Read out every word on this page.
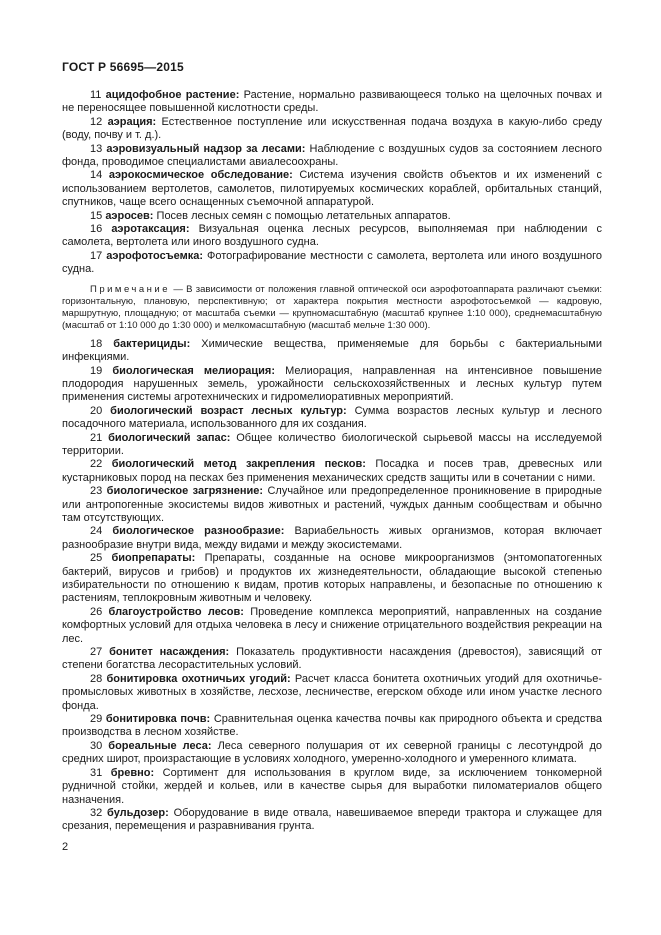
ГОСТ Р 56695—2015

11 ацидофобное растение: Растение, нормально развивающееся только на щелочных почвах и не переносящее повышенной кислотности среды.

12 аэрация: Естественное поступление или искусственная подача воздуха в какую-либо среду (воду, почву и т. д.).

13 аэровизуальный надзор за лесами: Наблюдение с воздушных судов за состоянием лесного фонда, проводимое специалистами авиалесоохраны.

14 аэрокосмическое обследование: Система изучения свойств объектов и их изменений с использованием вертолетов, самолетов, пилотируемых космических кораблей, орбитальных станций, спутников, чаще всего оснащенных съемочной аппаратурой.

15 аэросев: Посев лесных семян с помощью летательных аппаратов.

16 аэротаксация: Визуальная оценка лесных ресурсов, выполняемая при наблюдении с самолета, вертолета или иного воздушного судна.

17 аэрофотосъемка: Фотографирование местности с самолета, вертолета или иного воздушного судна.

Примечание — В зависимости от положения главной оптической оси аэрофотоаппарата различают съемки: горизонтальную, плановую, перспективную; от характера покрытия местности аэрофотосъемкой — кадровую, маршрутную, площадную; от масштаба съемки — крупномасштабную (масштаб крупнее 1:10 000), среднемасштабную (масштаб от 1:10 000 до 1:30 000) и мелкомасштабную (масштаб мельче 1:30 000).

18 бактерициды: Химические вещества, применяемые для борьбы с бактериальными инфекциями.

19 биологическая мелиорация: Мелиорация, направленная на интенсивное повышение плодородия нарушенных земель, урожайности сельскохозяйственных и лесных культур путем применения системы агротехнических и гидромелиоративных мероприятий.

20 биологический возраст лесных культур: Сумма возрастов лесных культур и лесного посадочного материала, использованного для их создания.

21 биологический запас: Общее количество биологической сырьевой массы на исследуемой территории.

22 биологический метод закрепления песков: Посадка и посев трав, древесных или кустарниковых пород на песках без применения механических средств защиты или в сочетании с ними.

23 биологическое загрязнение: Случайное или предопределенное проникновение в природные или антропогенные экосистемы видов животных и растений, чуждых данным сообществам и обычно там отсутствующих.

24 биологическое разнообразие: Вариабельность живых организмов, которая включает разнообразие внутри вида, между видами и между экосистемами.

25 биопрепараты: Препараты, созданные на основе микроорганизмов (энтомопатогенных бактерий, вирусов и грибов) и продуктов их жизнедеятельности, обладающие высокой степенью избирательности по отношению к видам, против которых направлены, и безопасные по отношению к растениям, теплокровным животным и человеку.

26 благоустройство лесов: Проведение комплекса мероприятий, направленных на создание комфортных условий для отдыха человека в лесу и снижение отрицательного воздействия рекреации на лес.

27 бонитет насаждения: Показатель продуктивности насаждения (древостоя), зависящий от степени богатства лесорастительных условий.

28 бонитировка охотничьих угодий: Расчет класса бонитета охотничьих угодий для охотничье-промысловых животных в хозяйстве, лесхозе, лесничестве, егерском обходе или ином участке лесного фонда.

29 бонитировка почв: Сравнительная оценка качества почвы как природного объекта и средства производства в лесном хозяйстве.

30 бореальные леса: Леса северного полушария от их северной границы с лесотундрой до средних широт, произрастающие в условиях холодного, умеренно-холодного и умеренного климата.

31 бревно: Сортимент для использования в круглом виде, за исключением тонкомерной рудничной стойки, жердей и кольев, или в качестве сырья для выработки пиломатериалов общего назначения.

32 бульдозер: Оборудование в виде отвала, навешиваемое впереди трактора и служащее для срезания, перемещения и разравнивания грунта.

2
